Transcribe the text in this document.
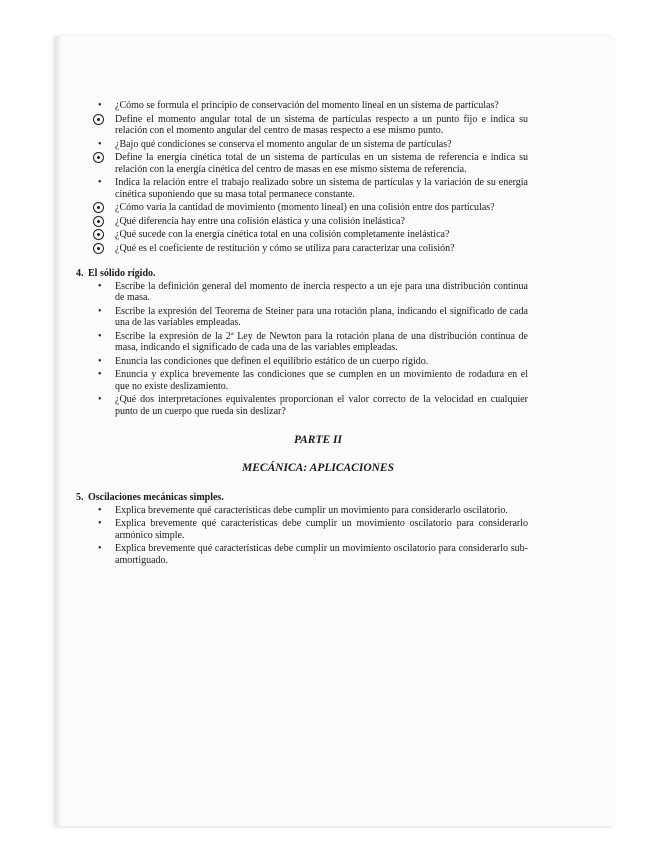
• ¿Cómo se formula el principio de conservación del momento lineal en un sistema de partículas?
Define el momento angular total de un sistema de partículas respecto a un punto fijo e indica su relación con el momento angular del centro de masas respecto a ese mismo punto.
• ¿Bajo qué condiciones se conserva el momento angular de un sistema de partículas?
Define la energía cinética total de un sistema de partículas en un sistema de referencia e indica su relación con la energía cinética del centro de masas en ese mismo sistema de referencia.
• Indica la relación entre el trabajo realizado sobre un sistema de partículas y la variación de su energía cinética suponiendo que su masa total permanece constante.
¿Cómo varía la cantidad de movimiento (momento lineal) en una colisión entre dos partículas?
¿Qué diferencia hay entre una colisión elástica y una colisión inelástica?
¿Qué sucede con la energía cinética total en una colisión completamente inelástica?
¿Qué es el coeficiente de restitución y cómo se utiliza para caracterizar una colisión?
4. El sólido rígido.
• Escribe la definición general del momento de inercia respecto a un eje para una distribución continua de masa.
• Escribe la expresión del Teorema de Steiner para una rotación plana, indicando el significado de cada una de las variables empleadas.
• Escribe la expresión de la 2ª Ley de Newton para la rotación plana de una distribución continua de masa, indicando el significado de cada una de las variables empleadas.
• Enuncia las condiciones que definen el equilibrio estático de un cuerpo rígido.
• Enuncia y explica brevemente las condiciones que se cumplen en un movimiento de rodadura en el que no existe deslizamiento.
• ¿Qué dos interpretaciones equivalentes proporcionan el valor correcto de la velocidad en cualquier punto de un cuerpo que rueda sin deslizar?
PARTE II
MECÁNICA: APLICACIONES
5. Oscilaciones mecánicas simples.
• Explica brevemente qué características debe cumplir un movimiento para considerarlo oscilatorio.
• Explica brevemente qué características debe cumplir un movimiento oscilatorio para considerarlo armónico simple.
• Explica brevemente qué características debe cumplir un movimiento oscilatorio para considerarlo sub-amortiguado.
